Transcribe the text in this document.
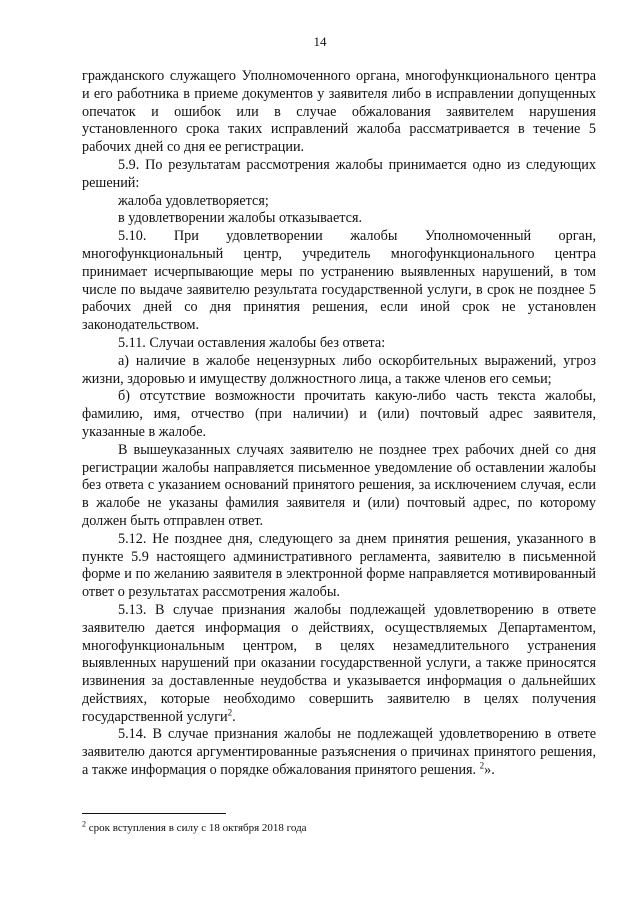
14

гражданского служащего Уполномоченного органа, многофункционального центра и его работника в приеме документов у заявителя либо в исправлении допущенных опечаток и ошибок или в случае обжалования заявителем нарушения установленного срока таких исправлений жалоба рассматривается в течение 5 рабочих дней со дня ее регистрации.

5.9. По результатам рассмотрения жалобы принимается одно из следующих решений:

жалоба удовлетворяется;

в удовлетворении жалобы отказывается.

5.10. При удовлетворении жалобы Уполномоченный орган, многофункциональный центр, учредитель многофункционального центра принимает исчерпывающие меры по устранению выявленных нарушений, в том числе по выдаче заявителю результата государственной услуги, в срок не позднее 5 рабочих дней со дня принятия решения, если иной срок не установлен законодательством.

5.11. Случаи оставления жалобы без ответа:

а) наличие в жалобе нецензурных либо оскорбительных выражений, угроз жизни, здоровью и имуществу должностного лица, а также членов его семьи;

б) отсутствие возможности прочитать какую-либо часть текста жалобы, фамилию, имя, отчество (при наличии) и (или) почтовый адрес заявителя, указанные в жалобе.

В вышеуказанных случаях заявителю не позднее трех рабочих дней со дня регистрации жалобы направляется письменное уведомление об оставлении жалобы без ответа с указанием оснований принятого решения, за исключением случая, если в жалобе не указаны фамилия заявителя и (или) почтовый адрес, по которому должен быть отправлен ответ.

5.12. Не позднее дня, следующего за днем принятия решения, указанного в пункте 5.9 настоящего административного регламента, заявителю в письменной форме и по желанию заявителя в электронной форме направляется мотивированный ответ о результатах рассмотрения жалобы.

5.13. В случае признания жалобы подлежащей удовлетворению в ответе заявителю дается информация о действиях, осуществляемых Департаментом, многофункциональным центром, в целях незамедлительного устранения выявленных нарушений при оказании государственной услуги, а также приносятся извинения за доставленные неудобства и указывается информация о дальнейших действиях, которые необходимо совершить заявителю в целях получения государственной услуги$^2$.

5.14. В случае признания жалобы не подлежащей удовлетворению в ответе заявителю даются аргументированные разъяснения о причинах принятого решения, а также информация о порядке обжалования принятого решения. $^2$».

$^2$ срок вступления в силу с 18 октября 2018 года
